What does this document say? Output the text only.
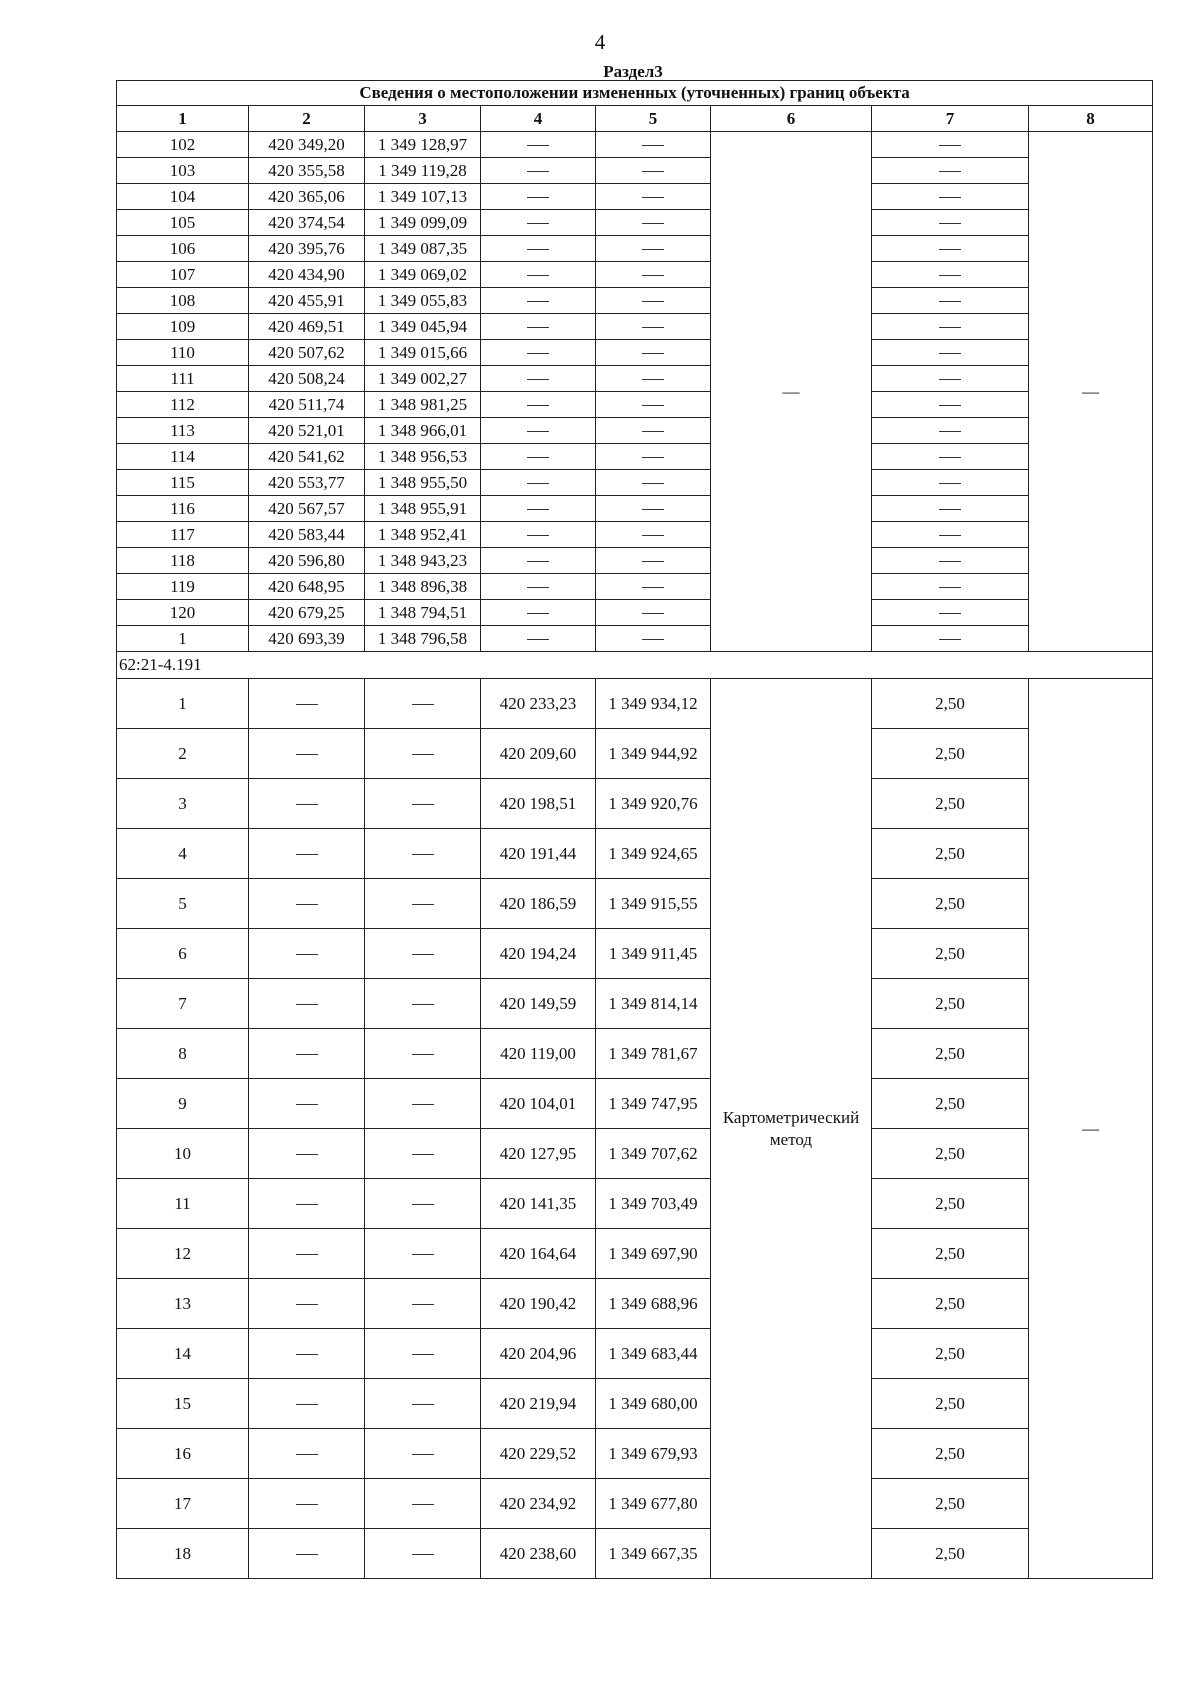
4
Раздел3
Сведения о местоположении измененных (уточненных) границ объекта							
1	2	3	4	5	6	7	8
102	420 349,20	1 349 128,97			—		—
103	420 355,58	1 349 119,28					
104	420 365,06	1 349 107,13					
105	420 374,54	1 349 099,09					
106	420 395,76	1 349 087,35					
107	420 434,90	1 349 069,02					
108	420 455,91	1 349 055,83					
109	420 469,51	1 349 045,94					
110	420 507,62	1 349 015,66					
111	420 508,24	1 349 002,27					
112	420 511,74	1 348 981,25					
113	420 521,01	1 348 966,01					
114	420 541,62	1 348 956,53					
115	420 553,77	1 348 955,50					
116	420 567,57	1 348 955,91					
117	420 583,44	1 348 952,41					
118	420 596,80	1 348 943,23					
119	420 648,95	1 348 896,38					
120	420 679,25	1 348 794,51					
1	420 693,39	1 348 796,58					
62:21-4.191							
1			420 233,23	1 349 934,12	Картометрический метод	2,50	—
2			420 209,60	1 349 944,92		2,50	
3			420 198,51	1 349 920,76		2,50	
4			420 191,44	1 349 924,65		2,50	
5			420 186,59	1 349 915,55		2,50	
6			420 194,24	1 349 911,45		2,50	
7			420 149,59	1 349 814,14		2,50	
8			420 119,00	1 349 781,67		2,50	
9			420 104,01	1 349 747,95		2,50	
10			420 127,95	1 349 707,62		2,50	
11			420 141,35	1 349 703,49		2,50	
12			420 164,64	1 349 697,90		2,50	
13			420 190,42	1 349 688,96		2,50	
14			420 204,96	1 349 683,44		2,50	
15			420 219,94	1 349 680,00		2,50	
16			420 229,52	1 349 679,93		2,50	
17			420 234,92	1 349 677,80		2,50	
18			420 238,60	1 349 667,35		2,50	
